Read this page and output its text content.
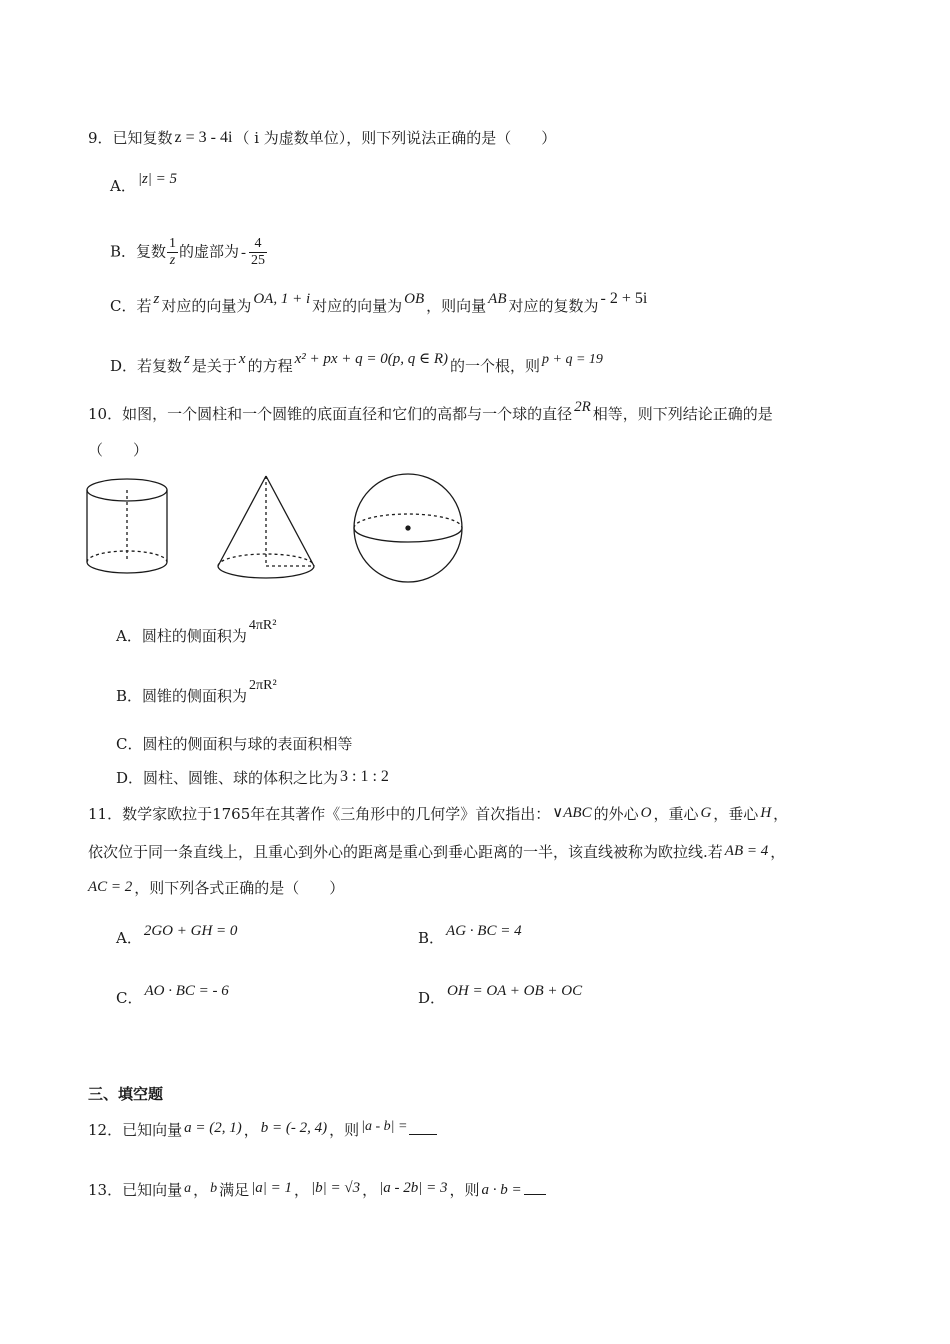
9．已知复数 z = 3 - 4i （ i 为虚数单位），则下列说法正确的是（　　）
A． |z| = 5
B．复数 $\frac{1}{z}$ 的虚部为 - $\frac{4}{25}$
C．若 z 对应的向量为 OA, 1 + i 对应的向量为 OB ，则向量 AB 对应的复数为 - 2 + 5i
D．若复数 z 是关于 x 的方程 x² + px + q = 0(p, q ∈ R) 的一个根，则 p + q = 19
10．如图，一个圆柱和一个圆锥的底面直径和它们的高都与一个球的直径 2R 相等，则下列结论正确的是
（　　）
A．圆柱的侧面积为4πR²
B．圆锥的侧面积为2πR²
C．圆柱的侧面积与球的表面积相等
D．圆柱、圆锥、球的体积之比为 3 : 1 : 2
11．数学家欧拉于1765年在其著作《三角形中的几何学》首次指出： ∨ABC 的外心 O ，重心 G ，垂心 H ，
依次位于同一条直线上，且重心到外心的距离是重心到垂心距离的一半，该直线被称为欧拉线.若 AB = 4 ，
AC = 2 ，则下列各式正确的是（　　）
A． 2GO + GH = 0	B． AG · BC = 4
C． AO · BC = - 6	D． OH = OA + OB + OC
三、填空题
12．已知向量 a = (2, 1) ， b = (- 2, 4) ，则 |a - b| =
13．已知向量 a ， b 满足 |a| = 1 ， |b| = √3 ， |a - 2b| = 3 ，则 a · b =
